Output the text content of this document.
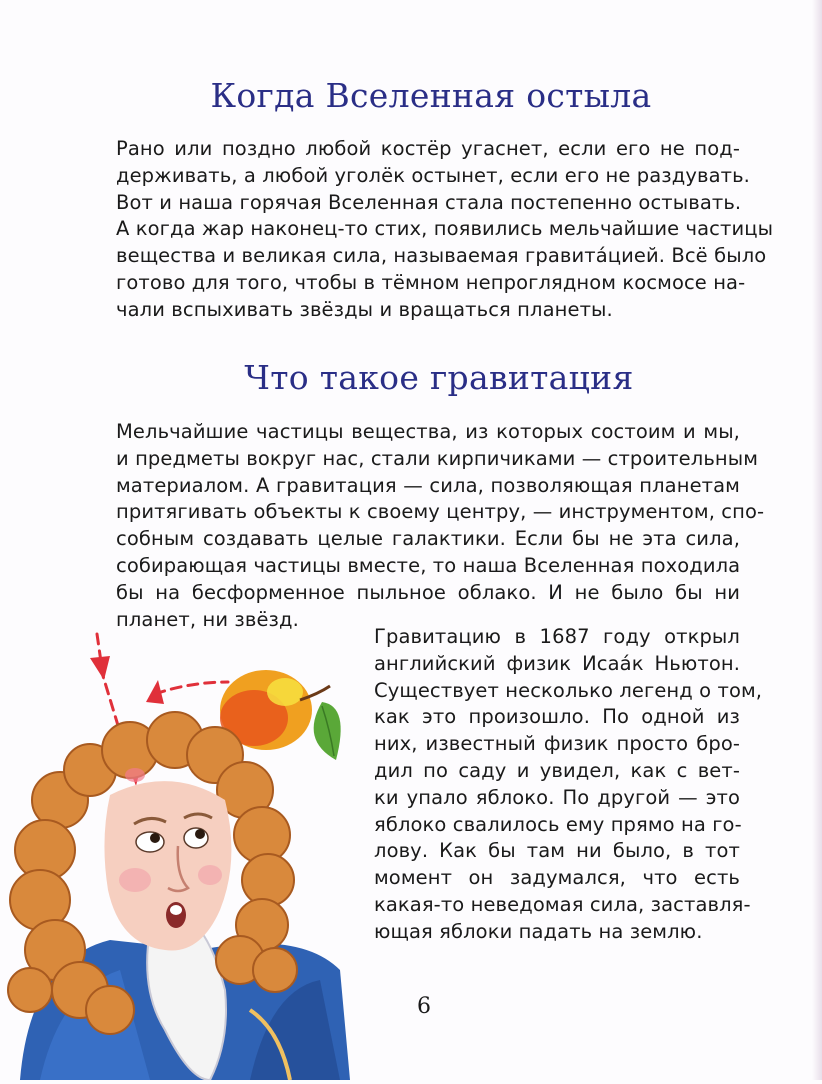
Когда Вселенная остыла
Рано или поздно любой костёр угаснет, если его не под-
держивать, а любой уголёк остынет, если его не раздувать.
Вот и наша горячая Вселенная стала постепенно остывать.
А когда жар наконец-то стих, появились мельчайшие частицы
вещества и великая сила, называемая гравита́цией. Всё было
готово для того, чтобы в тёмном непроглядном космосе на-
чали вспыхивать звёзды и вращаться планеты.
Что такое гравитация
Мельчайшие частицы вещества, из которых состоим и мы,
и предметы вокруг нас, стали кирпичиками — строительным
материалом. А гравитация — сила, позволяющая планетам
притягивать объекты к своему центру, — инструментом, спо-
собным создавать целые галактики. Если бы не эта сила,
собирающая частицы вместе, то наша Вселенная походила
бы на бесформенное пыльное облако. И не было бы ни
планет, ни звёзд.
Гравитацию в 1687 году открыл
английский физик Исаа́к Ньютон.
Существует несколько легенд о том,
как это произошло. По одной из
них, известный физик просто бро-
дил по саду и увидел, как с вет-
ки упало яблоко. По другой — это
яблоко свалилось ему прямо на го-
лову. Как бы там ни было, в тот
момент он задумался, что есть
какая-то неведомая сила, заставля-
ющая яблоки падать на землю.
6
